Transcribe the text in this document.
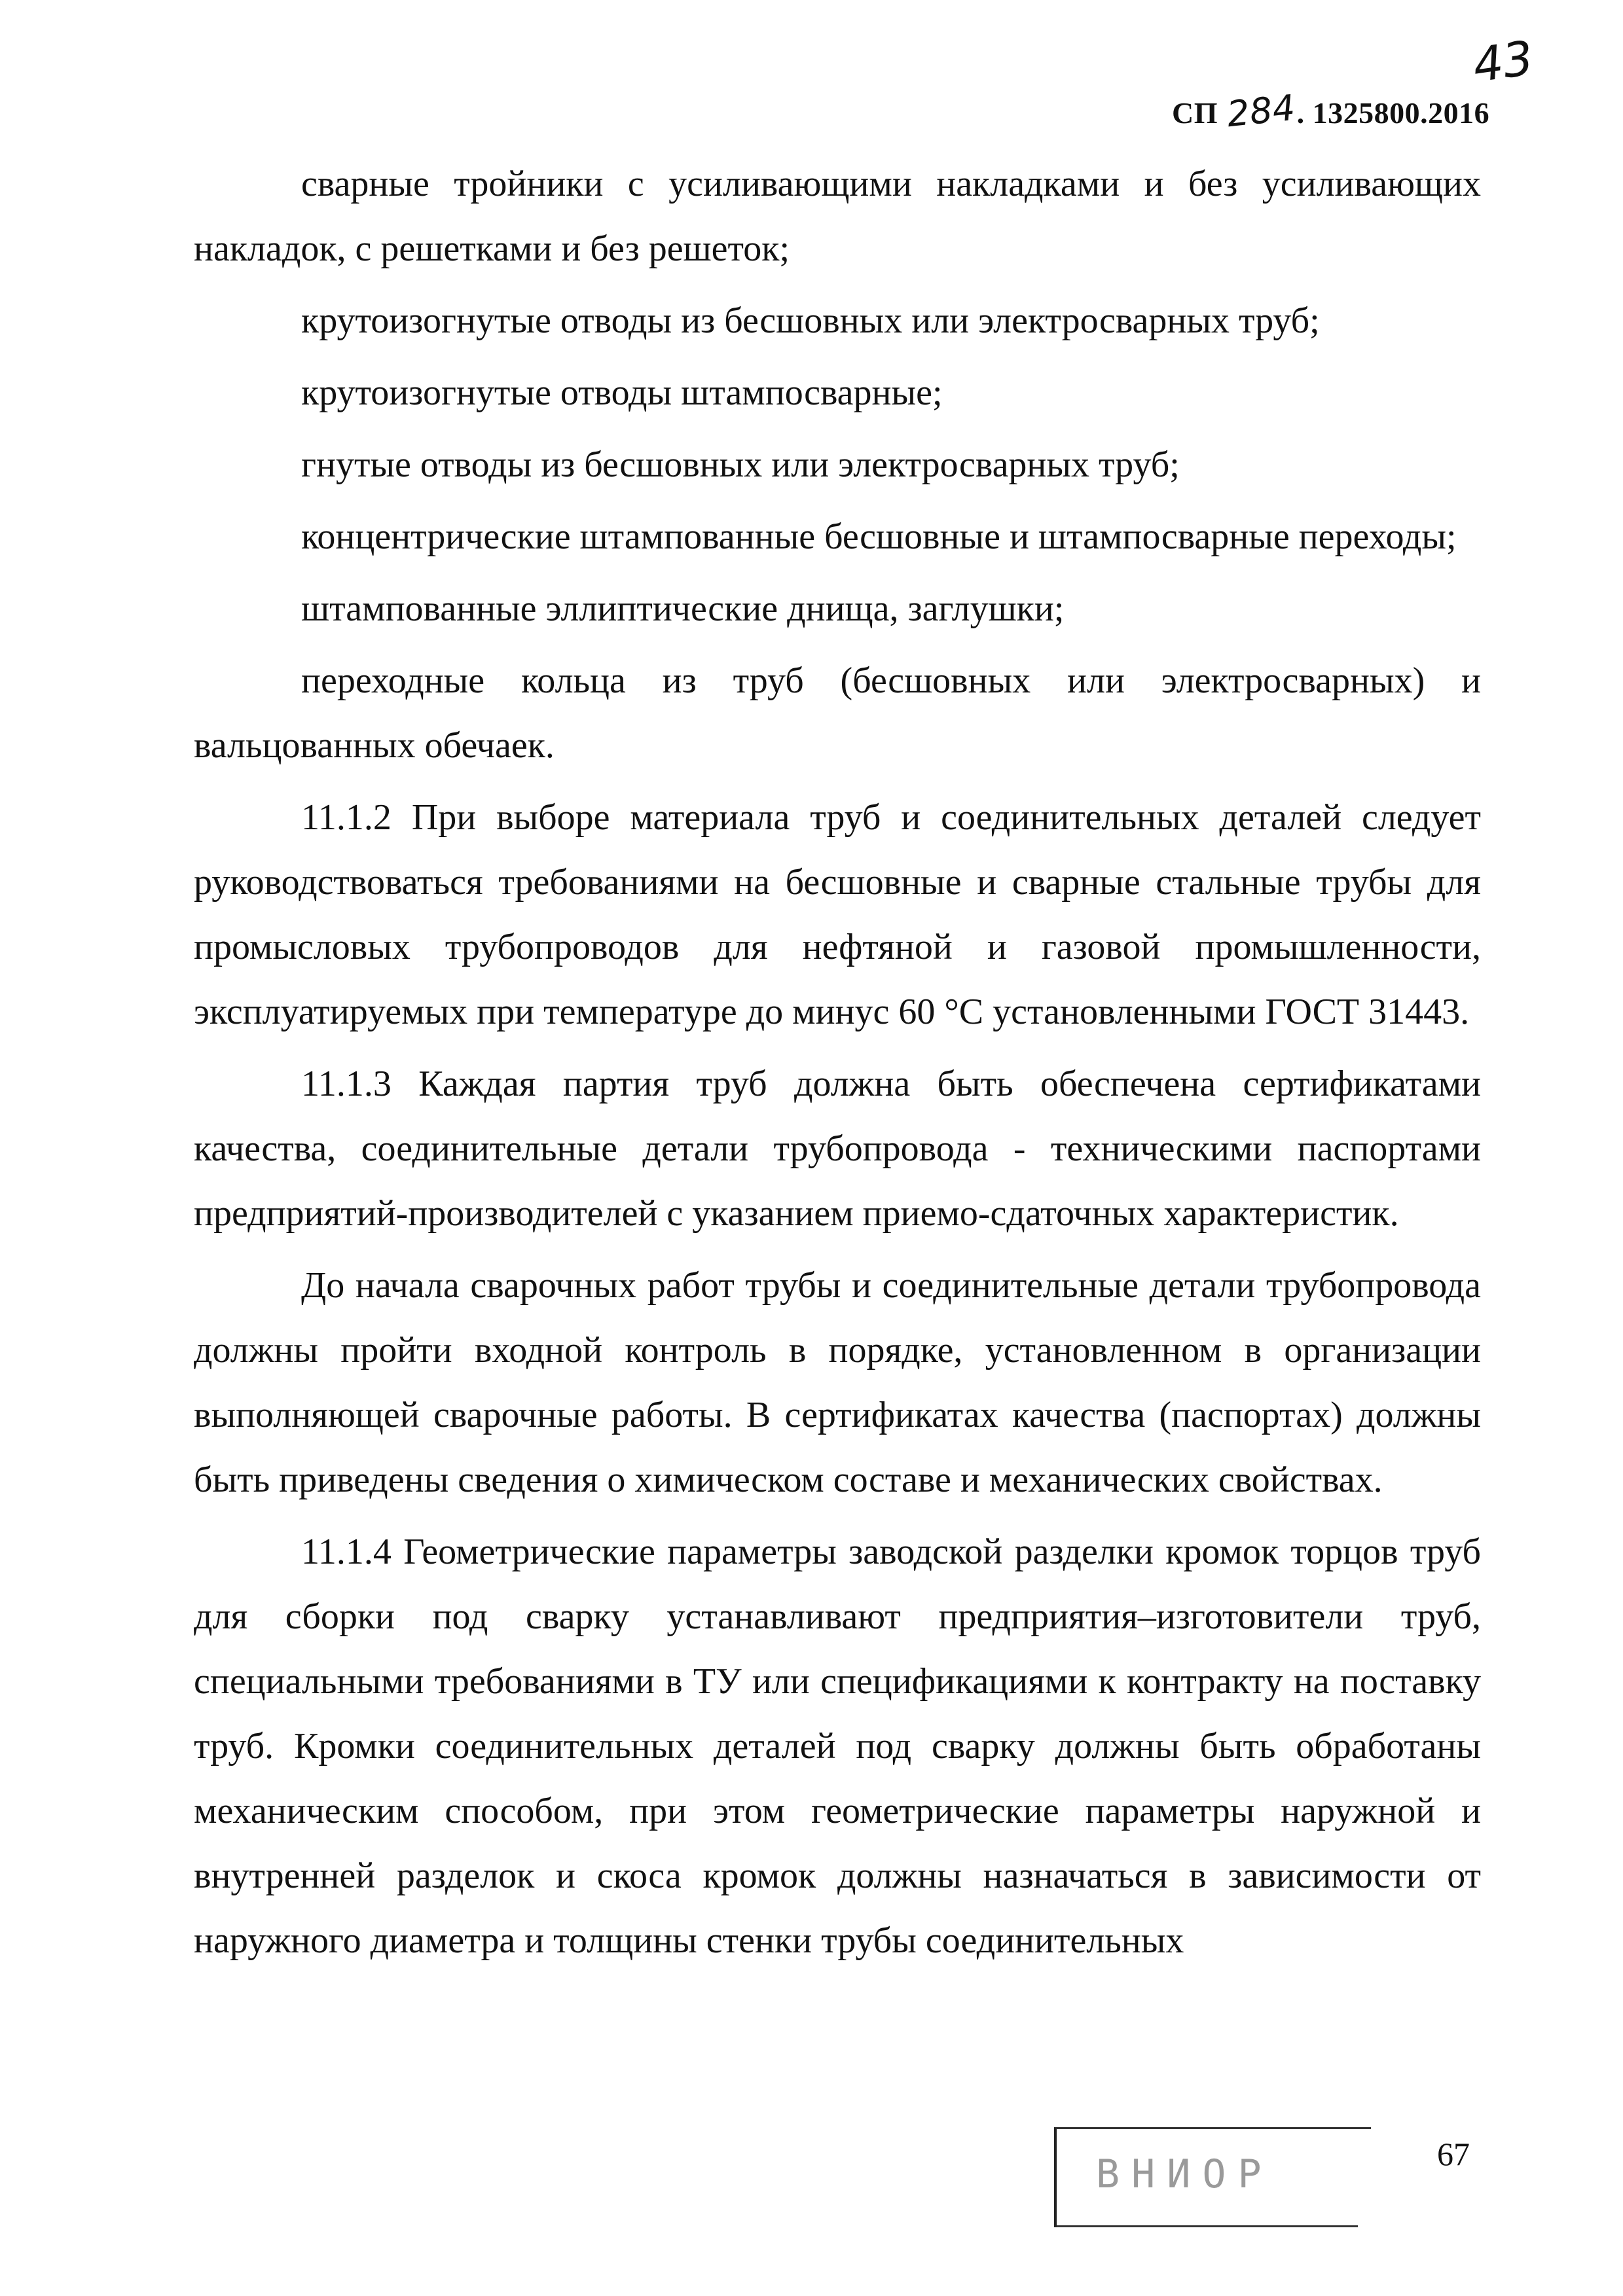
43
СП 284. 1325800.2016

сварные тройники с усиливающими накладками и без усиливающих накладок, с решетками и без решеток;

крутоизогнутые отводы из бесшовных или электросварных труб;

крутоизогнутые отводы штампосварные;

гнутые отводы из бесшовных или электросварных труб;

концентрические штампованные бесшовные и штампосварные переходы;

штампованные эллиптические днища, заглушки;

переходные кольца из труб (бесшовных или электросварных) и вальцованных обечаек.

11.1.2 При выборе материала труб и соединительных деталей следует руководствоваться требованиями на бесшовные и сварные стальные трубы для промысловых трубопроводов для нефтяной и газовой промышленности, эксплуатируемых при температуре до минус 60 °С установленными ГОСТ 31443.

11.1.3 Каждая партия труб должна быть обеспечена сертификатами качества, соединительные детали трубопровода - техническими паспортами предприятий-производителей с указанием приемо-сдаточных характеристик.

До начала сварочных работ трубы и соединительные детали трубопровода должны пройти входной контроль в порядке, установленном в организации выполняющей сварочные работы. В сертификатах качества (паспортах) должны быть приведены сведения о химическом составе и механических свойствах.

11.1.4 Геометрические параметры заводской разделки кромок торцов труб для сборки под сварку устанавливают предприятия–изготовители труб, специальными требованиями в ТУ или спецификациями к контракту на поставку труб. Кромки соединительных деталей под сварку должны быть обработаны механическим способом, при этом геометрические параметры наружной и внутренней разделок и скоса кромок должны назначаться в зависимости от наружного диаметра и толщины стенки трубы соединительных

ВНИОР	67
